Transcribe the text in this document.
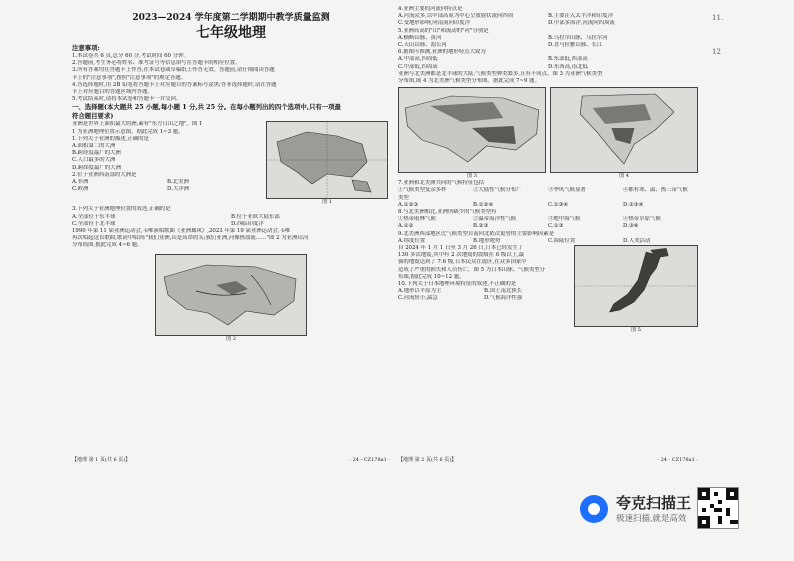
2023—2024 学年度第二学期期中教学质量监测
七年级地理
注意事项:
1.本试卷共 6 页,总分 60 分,考试时间 60 分钟。
2.答题前,考生务必将姓名、准考证号等信息填写在答题卡的相应位置。
3.所有答案均在答题卡上作答,在本试卷或草稿纸上作答无效。答题前,请仔细阅读答题
卡上的"注意事项",按照"注意事项"的规定答题。
4.答选择题时,用 2B 铅笔将答题卡上对应题目的答案标号涂黑;答非选择题时,请在答题
卡上对应题目的答题区域内答题。
5.考试结束时,请将本试卷和答题卡一并交回。
一、选择题(本大题共 25 小题,每小题 1 分,共 25 分。在每小题列出的四个选项中,只有一项最
符合题目要求)
亚洲是世界上面积最大的洲,素有"东方日出之地"。图 1
1 为亚洲地理位置示意图。据此完成 1~3 题。
1.下列关于亚洲的描述,正确的是
A.面积第二的大洲
B.跨经度最广的大洲
C.人口最多的大洲
D.跨纬度最广的大洲
2.位于亚洲西南部的大洲是
A.非洲	B.北美洲
C.欧洲	D.大洋洲
图 1
3.下列关于亚洲地理位置的叙述,正确的是
A.全部位于东半球	B.位于亚欧大陆东部
C.全部位于北半球	D.西临印度洋
1990 年第 11 届亚洲运动会,韦唯演唱歌曲《亚洲雄风》,2023 年第 19 届亚洲运动会,韦唯
再次唱起这首歌曲,歌词中唱到:"我们亚洲,山是高昂的头;我们亚洲,河像热血流……"图 2 为亚洲山河
分布简图,据此完成 4~6 题。
图 2
【地理 第 1 页(共 6 页)】	· 24 - CZ178a1 ·
4.亚洲主要的河流向特点是
A.河流众多,以中部高原为中心呈放射状流向四周	B.主要注入太平洋和印度洋
C.受地形影响,向南流向印度洋	D.中部多海洋,河流向四周流
5.亚洲高高的"山"和流动的"河"分别是
A.横断山脉、黄河	B.乌拉尔山脉、乌拉尔河
C.天山山脉、湄公河	D.喜马拉雅山脉、长江
6.据图可推测,亚洲的地形特点大致为
A.中部高,四周低	B.东部低,西部高
C.中部低,四周高	D.东西高,南北低
亚洲与北美洲都是北半球的大陆,气候类型种类繁多,且有不同点。图 3 为亚洲气候类型
分布图,图 4 为北美洲气候类型分布图。据此完成 7~9 题。
图 3	图 4
7.亚洲和北美洲共同的气候特征包括
①气候类型复杂多样	②大陆性气候分布广	③季风气候显著	④都有寒、温、热三带气候
类型
A.①②③	B.①②④	C.①③④	D.②③④
8.与北美洲相比,亚洲所缺少的气候类型有
①热带雨林气候	②温带海洋性气候	③地中海气候	④热带草原气候
A.①②	B.②③	C.①③	D.③④
9.北美洲西部地区比气候类型自南向北依次更替的主要影响因素是
A.纬度位置	B.地形地势	C.海陆位置	D.人类活动
自 2024 年 1 月 1 日至 3 月 26 日,日本已经发生了
130 多次地震,其中有 2 次地震的震级在 6 级以上,最
强的地震达到了 7.6 级,日本民众在震区,在众多国家中
造成了严重的损失和人员伤亡。图 5 为日本山脉、气候类型分
布图,据此完成 10~12 题。
10.下列关于日本地理环境特征的叙述,不正确的是
A.地形以平原为主	B.国土南北狭长
C.河流短小,湍急	D.气候海洋性强
图 5
【地理 第 2 页(共 6 页)】	· 24 - CZ178a1 ·
11.
12
夸克扫描王
极速扫描,就是高效
